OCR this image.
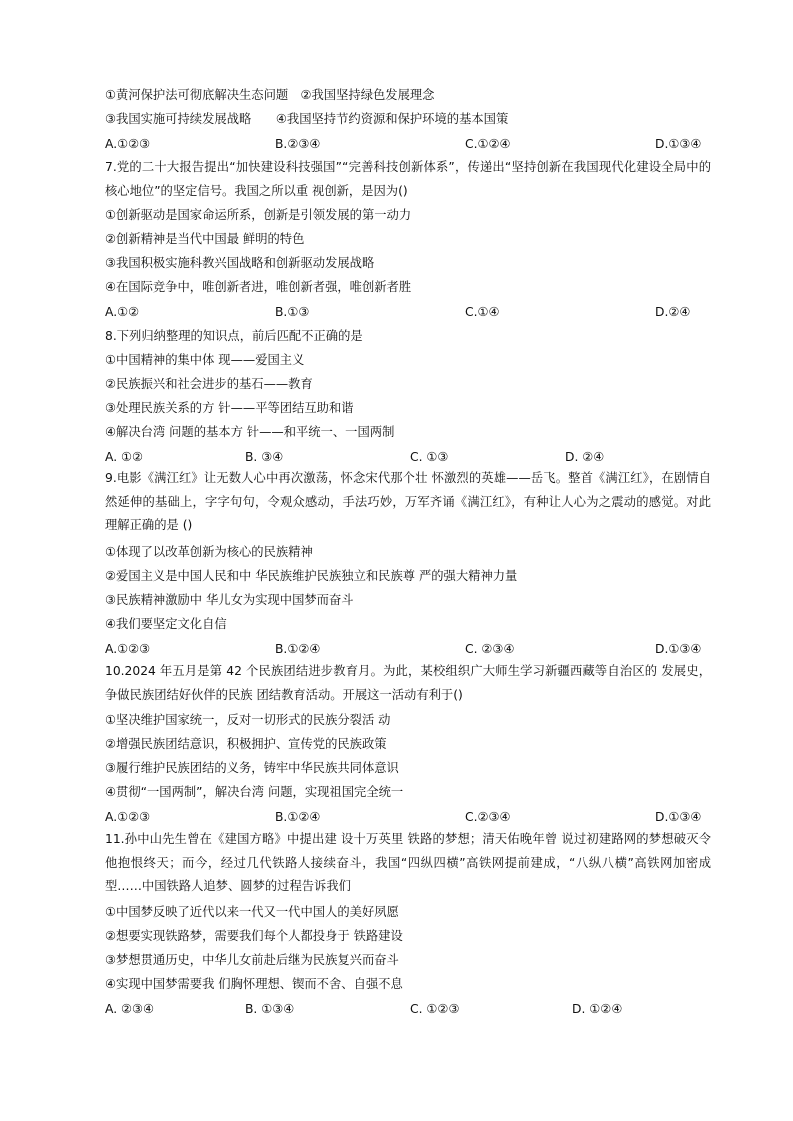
①黄河保护法可彻底解决生态问题　②我国坚持绿色发展理念
③我国实施可持续发展战略　　④我国坚持节约资源和保护环境的基本国策
A.①②③	B.②③④	C.①②④	D.①③④
7.党的二十大报告提出“加快建设科技强国”“完善科技创新体系”，传递出“坚持创新在我国现代化建设全局中的核心地位”的坚定信号。我国之所以重 视创新，是因为()
①创新驱动是国家命运所系，创新是引领发展的第一动力
②创新精神是当代中国最 鲜明的特色
③我国积极实施科教兴国战略和创新驱动发展战略
④在国际竞争中，唯创新者进，唯创新者强，唯创新者胜
A.①②	B.①③	C.①④	D.②④
8.下列归纳整理的知识点，前后匹配不正确的是
①中国精神的集中体 现——爱国主义
②民族振兴和社会进步的基石——教育
③处理民族关系的方 针——平等团结互助和谐
④解决台湾 问题的基本方 针——和平统一、一国两制
A. ①②	B. ③④	C. ①③	D. ②④
9.电影《满江红》让无数人心中再次激荡，怀念宋代那个壮 怀激烈的英雄——岳飞。整首《满江红》，在剧情自然延伸的基础上，字字句句，令观众感动，手法巧妙，万军齐诵《满江红》，有种让人心为之震动的感觉。对此理解正确的是 ()
①体现了以改革创新为核心的民族精神
②爱国主义是中国人民和中 华民族维护民族独立和民族尊 严的强大精神力量
③民族精神激励中 华儿女为实现中国梦而奋斗
④我们要坚定文化自信
A.①②③	B.①②④	C. ②③④	D.①③④
10.2024 年五月是第 42 个民族团结进步教育月。为此，某校组织广大师生学习新疆西藏等自治区的 发展史，争做民族团结好伙伴的民族 团结教育活动。开展这一活动有利于()
①坚决维护国家统一，反对一切形式的民族分裂活 动
②增强民族团结意识，积极拥护、宣传党的民族政策
③履行维护民族团结的义务，铸牢中华民族共同体意识
④贯彻“一国两制”，解决台湾 问题，实现祖国完全统一
A.①②③	B.①②④	C.②③④	D.①③④
11.孙中山先生曾在《建国方略》中提出建 设十万英里 铁路的梦想；清天佑晚年曾 说过初建路网的梦想破灭令他抱恨终天；而今，经过几代铁路人接续奋斗，我国“四纵四横”高铁网提前建成，“八纵八横”高铁网加密成型……中国铁路人追梦、圆梦的过程告诉我们
①中国梦反映了近代以来一代又一代中国人的美好夙愿
②想要实现铁路梦，需要我们每个人都投身于 铁路建设
③梦想贯通历史，中华儿女前赴后继为民族复兴而奋斗
④实现中国梦需要我 们胸怀理想、锲而不舍、自强不息
A. ②③④	B. ①③④	C. ①②③	D. ①②④
